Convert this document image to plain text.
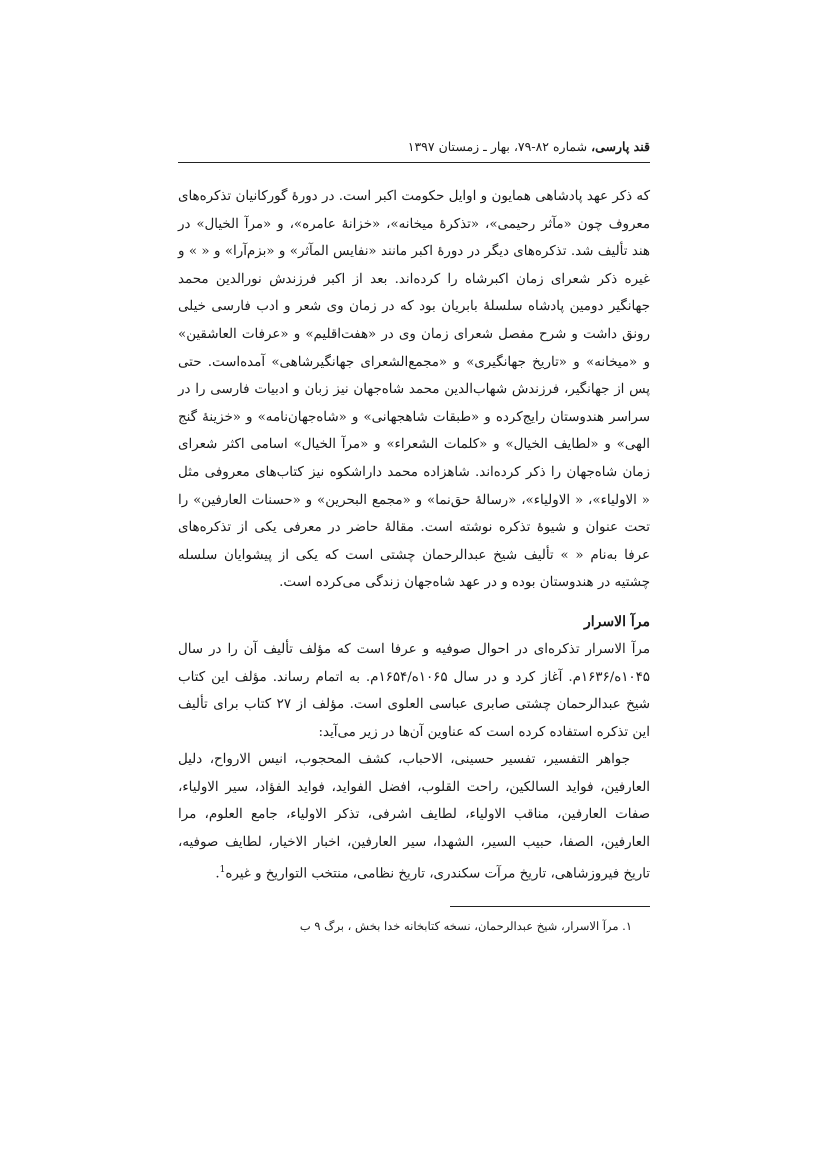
قند پارسی، شماره ۸۲-۷۹، بهار ـ زمستان ۱۳۹۷

که ذکر عهد پادشاهی همایون و اوایل حکومت اکبر است. در دورۀ گورکانیان تذکره‌های معروف چون «مآثر رحیمی»، «تذکرۀ میخانه»، «خزانۀ عامره»، و «مرآ الخیال» در هند تألیف شد. تذکره‌های دیگر در دورۀ اکبر مانند «نفایس المآثر» و «بزم‌آرا» و « » و غیره ذکر شعرای زمان اکبرشاه را کرده‌اند. بعد از اکبر فرزندش نورالدین محمد جهانگیر دومین پادشاه سلسلۀ بابریان بود که در زمان وی شعر و ادب فارسی خیلی رونق داشت و شرح مفصل شعرای زمان وی در «هفت‌اقلیم» و «عرفات العاشقین» و «میخانه» و «تاریخ جهانگیری» و «مجمع‌الشعرای جهانگیرشاهی» آمده‌است. حتی پس از جهانگیر، فرزندش شهاب‌الدین محمد شاه‌جهان نیز زبان و ادبیات فارسی را در سراسر هندوستان رایج‌کرده و «طبقات شاهجهانی» و «شاه‌جهان‌نامه» و «خزینۀ گنج الهی» و «لطایف الخیال» و «کلمات الشعراء» و «مرآ الخیال» اسامی اکثر شعرای زمان شاه‌جهان را ذکر کرده‌اند. شاهزاده محمد داراشکوه نیز کتاب‌های معروفی مثل « الاولیاء»، « الاولیاء»، «رسالۀ حق‌نما» و «مجمع البحرین» و «حسنات العارفین» را تحت عنوان و شیوۀ تذکره نوشته است. مقالۀ حاضر در معرفی یکی از تذکره‌های عرفا به‌نام « » تألیف شیخ عبدالرحمان چشتی است که یکی از پیشوایان سلسله چشتیه در هندوستان بوده و در عهد شاه‌جهان زندگی می‌کرده است.

مرآ الاسرار

مرآ الاسرار تذکره‌ای در احوال صوفیه و عرفا است که مؤلف تألیف آن را در سال ۱۰۴۵ه/۱۶۳۶م. آغاز کرد و در سال ۱۰۶۵ه/۱۶۵۴م. به اتمام رساند. مؤلف این کتاب شیخ عبدالرحمان چشتی صابری عباسی العلوی است. مؤلف از ۲۷ کتاب برای تألیف این تذکره استفاده کرده است که عناوین آن‌ها در زیر می‌آید:

جواهر التفسیر، تفسیر حسینی، الاحباب، کشف المحجوب، انیس الارواح، دلیل العارفین، فواید السالکین، راحت القلوب، افضل الفواید، فواید الفؤاد، سیر الاولیاء، صفات العارفین، مناقب الاولیاء، لطایف اشرفی، تذکر الاولیاء، جامع العلوم، مرا العارفین، الصفا، حبیب السیر، الشهدا، سیر العارفین، اخبار الاخیار، لطایف صوفیه، تاریخ فیروزشاهی، تاریخ مرآت سکندری، تاریخ نظامی، منتخب التواریخ و غیره$^1$.

۱. مرآ الاسرار، شیخ عبدالرحمان، نسخه کتابخانه خدا بخش ، برگ ۹ ب
